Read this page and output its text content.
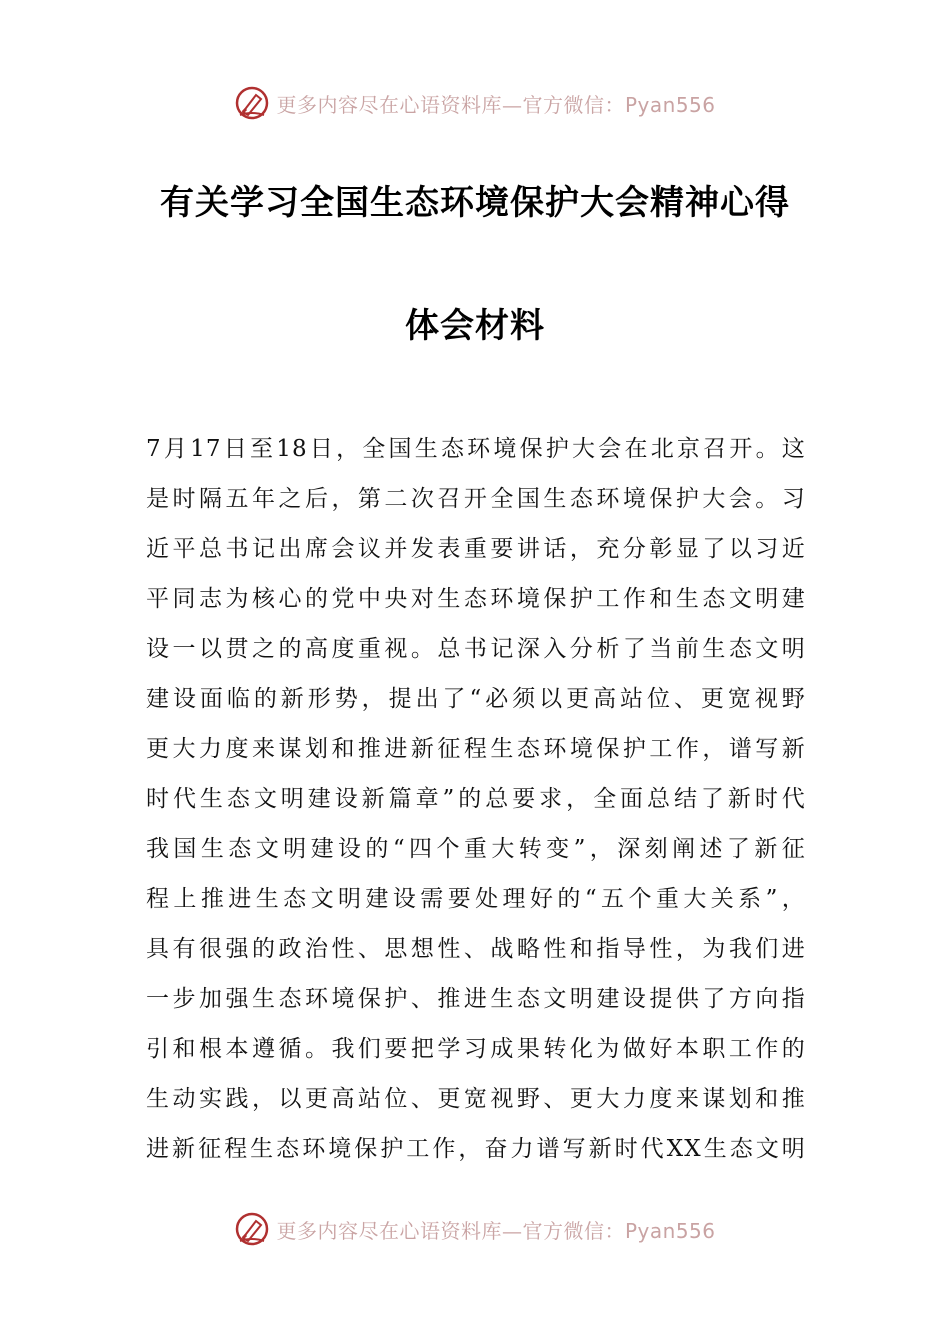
更多内容尽在心语资料库—官方微信：Pyan556
有关学习全国生态环境保护大会精神心得
体会材料
7月17日至18日，全国生态环境保护大会在北京召开。这
是时隔五年之后，第二次召开全国生态环境保护大会。习
近平总书记出席会议并发表重要讲话，充分彰显了以习近
平同志为核心的党中央对生态环境保护工作和生态文明建
设一以贯之的高度重视。总书记深入分析了当前生态文明
建设面临的新形势，提出了“必须以更高站位、更宽视野
更大力度来谋划和推进新征程生态环境保护工作，谱写新
时代生态文明建设新篇章”的总要求，全面总结了新时代
我国生态文明建设的“四个重大转变”，深刻阐述了新征
程上推进生态文明建设需要处理好的“五个重大关系”，
具有很强的政治性、思想性、战略性和指导性，为我们进
一步加强生态环境保护、推进生态文明建设提供了方向指
引和根本遵循。我们要把学习成果转化为做好本职工作的
生动实践，以更高站位、更宽视野、更大力度来谋划和推
进新征程生态环境保护工作，奋力谱写新时代XX生态文明
更多内容尽在心语资料库—官方微信：Pyan556
